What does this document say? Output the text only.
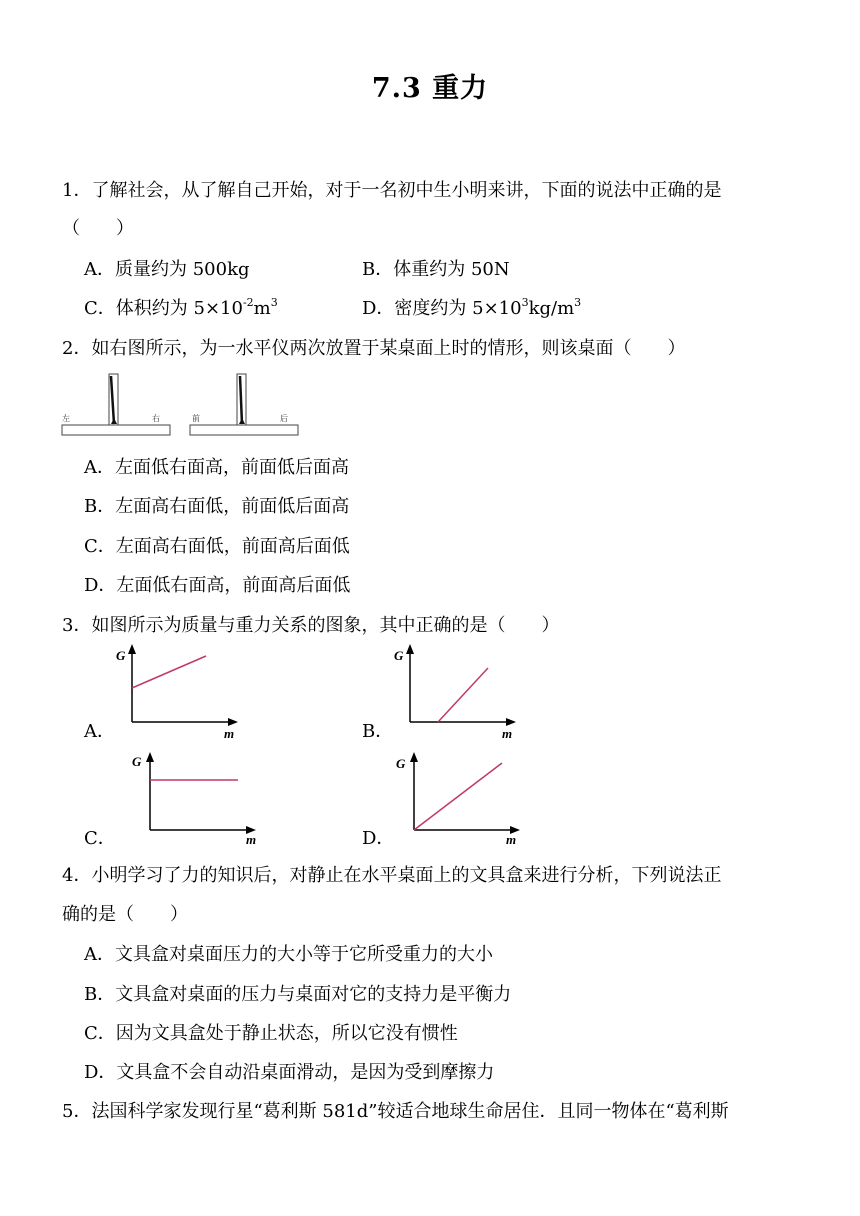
7.3 重力
1．了解社会，从了解自己开始，对于一名初中生小明来讲，下面的说法中正确的是
（　　）
A．质量约为 500kg	B．体重约为 50N
C．体积约为 $5\times 10^{-2}m^3$	D．密度约为 $5\times 10^3kg/m^3$
2．如右图所示，为一水平仪两次放置于某桌面上时的情形，则该桌面（　　）
左	右	前	后
A．左面低右面高，前面低后面高
B．左面高右面低，前面低后面高
C．左面高右面低，前面高后面低
D．左面低右面高，前面高后面低
3．如图所示为质量与重力关系的图象，其中正确的是（　　）
A．
G
m	B．
G
m
C．
G
m	D．
G
m
4．小明学习了力的知识后，对静止在水平桌面上的文具盒来进行分析，下列说法正
确的是（　　）
A．文具盒对桌面压力的大小等于它所受重力的大小
B．文具盒对桌面的压力与桌面对它的支持力是平衡力
C．因为文具盒处于静止状态，所以它没有惯性
D．文具盒不会自动沿桌面滑动，是因为受到摩擦力
5．法国科学家发现行星“葛利斯 581d”较适合地球生命居住．且同一物体在“葛利斯
